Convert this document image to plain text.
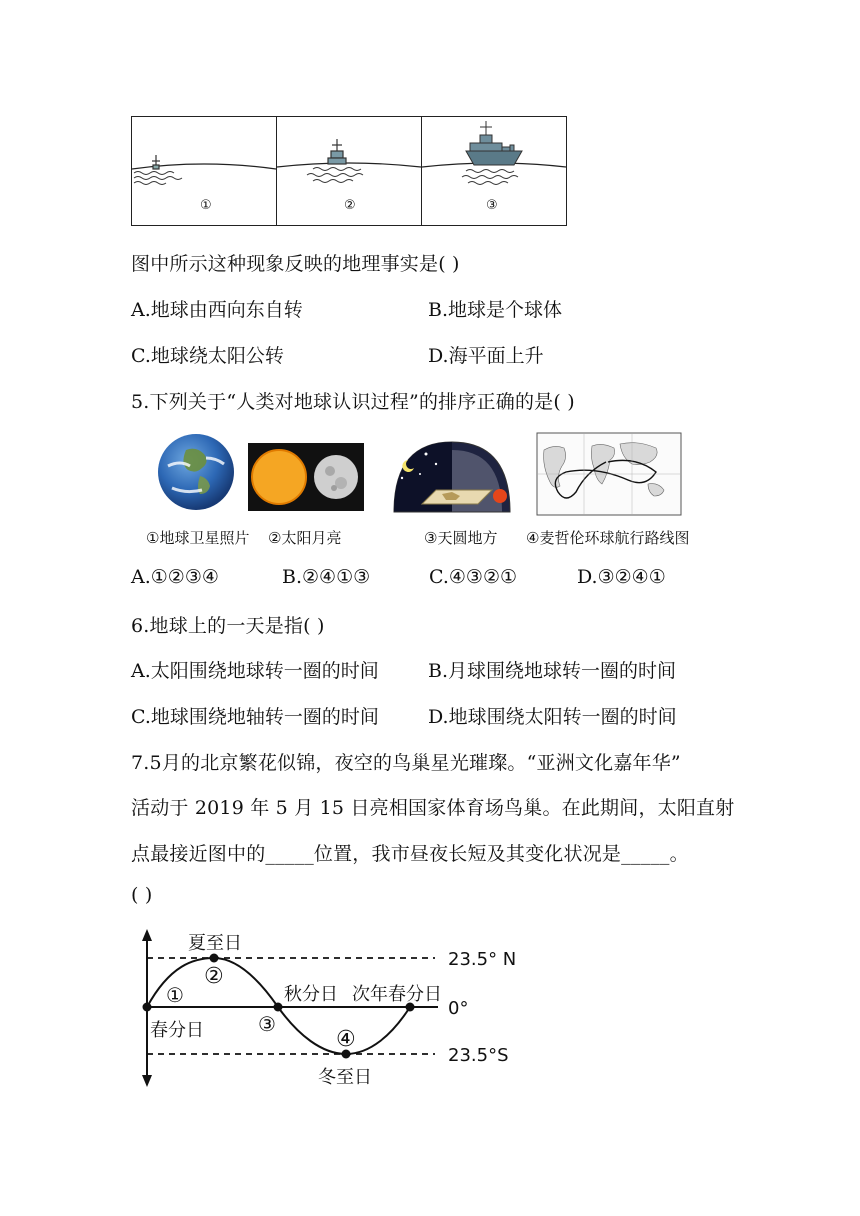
①	②	③
图中所示这种现象反映的地理事实是( )
A.地球由西向东自转	B.地球是个球体
C.地球绕太阳公转	D.海平面上升
5.下列关于“人类对地球认识过程”的排序正确的是( )
①地球卫星照片 ②太阳月亮	③天圆地方 ④麦哲伦环球航行路线图
A.①②③④	B.②④①③	C.④③②①	D.③②④①
6.地球上的一天是指( )
A.太阳围绕地球转一圈的时间	B.月球围绕地球转一圈的时间
C.地球围绕地轴转一圈的时间	D.地球围绕太阳转一圈的时间
7.5月的北京繁花似锦，夜空的鸟巢星光璀璨。“亚洲文化嘉年华”
活动于 2019 年 5 月 15 日亮相国家体育场鸟巢。在此期间，太阳直射
点最接近图中的_____位置，我市昼夜长短及其变化状况是_____。
( )
夏至日
春分日
秋分日 次年春分日
冬至日
23.5° N
0°
23.5°S
①
②
③
④
